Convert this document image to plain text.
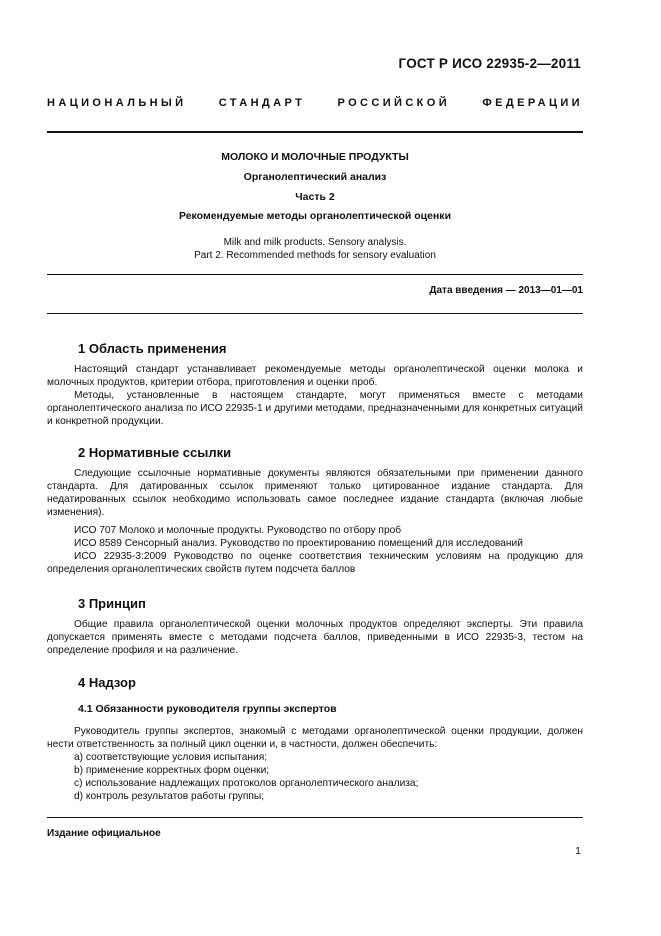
ГОСТ Р ИСО 22935-2—2011
НАЦИОНАЛЬНЫЙ СТАНДАРТ РОССИЙСКОЙ ФЕДЕРАЦИИ
МОЛОКО И МОЛОЧНЫЕ ПРОДУКТЫ
Органолептический анализ
Часть 2
Рекомендуемые методы органолептической оценки
Milk and milk products. Sensory analysis.
Part 2. Recommended methods for sensory evaluation
Дата введения — 2013—01—01
1 Область применения
Настоящий стандарт устанавливает рекомендуемые методы органолептической оценки молока и молочных продуктов, критерии отбора, приготовления и оценки проб.
Методы, установленные в настоящем стандарте, могут применяться вместе с методами органолептического анализа по ИСО 22935-1 и другими методами, предназначенными для конкретных ситуаций и конкретной продукции.
2 Нормативные ссылки
Следующие ссылочные нормативные документы являются обязательными при применении данного стандарта. Для датированных ссылок применяют только цитированное издание стандарта. Для недатированных ссылок необходимо использовать самое последнее издание стандарта (включая любые изменения).
ИСО 707 Молоко и молочные продукты. Руководство по отбору проб
ИСО 8589 Сенсорный анализ. Руководство по проектированию помещений для исследований
ИСО 22935-3:2009 Руководство по оценке соответствия техническим условиям на продукцию для определения органолептических свойств путем подсчета баллов
3 Принцип
Общие правила органолептической оценки молочных продуктов определяют эксперты. Эти правила допускается применять вместе с методами подсчета баллов, приведенными в ИСО 22935-3, тестом на определение профиля и на различение.
4 Надзор
4.1 Обязанности руководителя группы экспертов
Руководитель группы экспертов, знакомый с методами органолептической оценки продукции, должен нести ответственность за полный цикл оценки и, в частности, должен обеспечить:
a) соответствующие условия испытания;
b) применение корректных форм оценки;
c) использование надлежащих протоколов органолептического анализа;
d) контроль результатов работы группы;
Издание официальное
1
